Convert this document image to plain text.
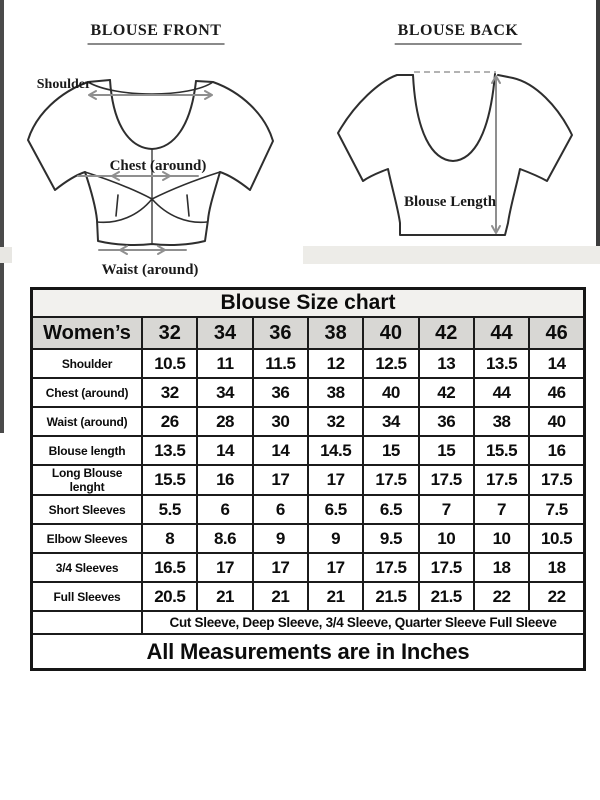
BLOUSE FRONT	BLOUSE BACK
Shoulder
Chest (around)
Waist (around)
Blouse Length
Blouse Size chart								
Women’s	32	34	36	38	40	42	44	46
Shoulder	10.5	11	11.5	12	12.5	13	13.5	14
Chest (around)	32	34	36	38	40	42	44	46
Waist (around)	26	28	30	32	34	36	38	40
Blouse length	13.5	14	14	14.5	15	15	15.5	16
Long Blouse lenght	15.5	16	17	17	17.5	17.5	17.5	17.5
Short Sleeves	5.5	6	6	6.5	6.5	7	7	7.5
Elbow Sleeves	8	8.6	9	9	9.5	10	10	10.5
3/4 Sleeves	16.5	17	17	17	17.5	17.5	18	18
Full Sleeves	20.5	21	21	21	21.5	21.5	22	22
	Cut Sleeve, Deep Sleeve, 3/4 Sleeve, Quarter Sleeve Full Sleeve							
All Measurements are in Inches								
